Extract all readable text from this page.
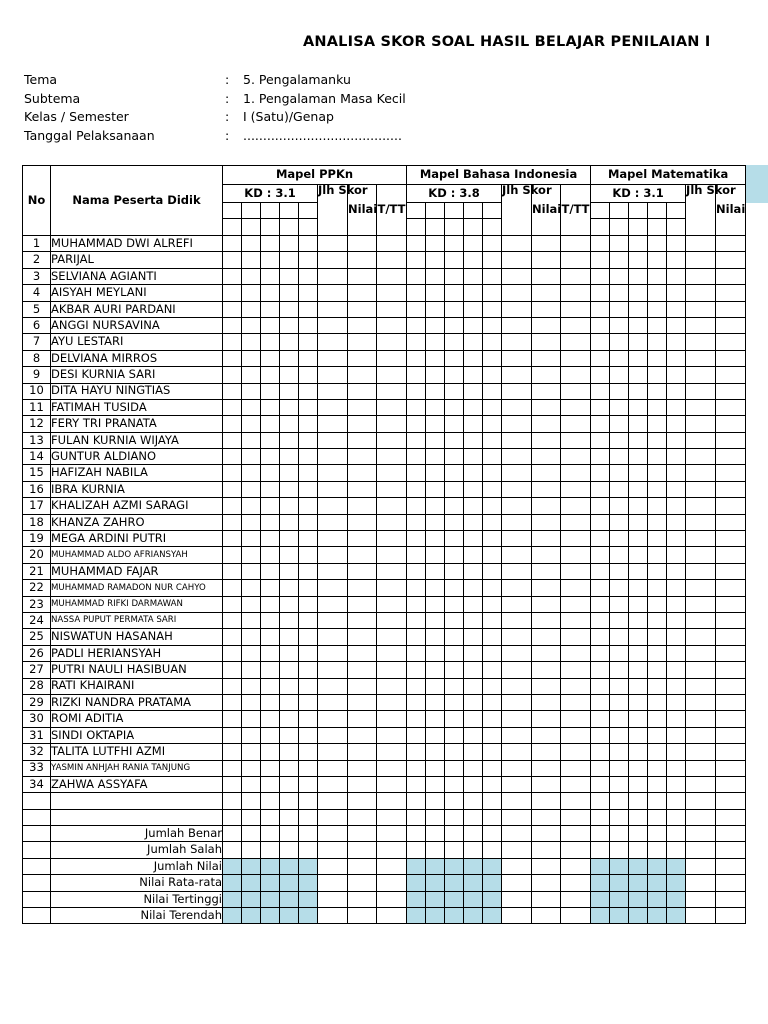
ANALISA SKOR SOAL HASIL BELAJAR PENILAIAN I
Tema	: 5. Pengalamanku
Subtema	: 1. Pengalaman Masa Kecil
Kelas / Semester	: I (Satu)/Genap
Tanggal Pelaksanaan	: ........................................
No	Nama Peserta Didik	Mapel PPKn								Mapel Bahasa Indonesia								Mapel Matematika						
		KD : 3.1					Jlh Skor	Nilai	T/TT	KD : 3.8					Jlh Skor	Nilai	T/TT	KD : 3.1					Jlh Skor	Nilai

1	MUHAMMAD DWI ALREFI																							
2	PARIJAL																							
3	SELVIANA AGIANTI																							
4	AISYAH MEYLANI																							
5	AKBAR AURI PARDANI																							
6	ANGGI NURSAVINA																							
7	AYU LESTARI																							
8	DELVIANA MIRROS																							
9	DESI KURNIA SARI																							
10	DITA HAYU NINGTIAS																							
11	FATIMAH TUSIDA																							
12	FERY TRI PRANATA																							
13	FULAN KURNIA WIJAYA																							
14	GUNTUR ALDIANO																							
15	HAFIZAH NABILA																							
16	IBRA KURNIA																							
17	KHALIZAH AZMI SARAGI																							
18	KHANZA ZAHRO																							
19	MEGA ARDINI PUTRI																							
20	MUHAMMAD ALDO AFRIANSYAH																							
21	MUHAMMAD FAJAR																							
22	MUHAMMAD RAMADON NUR CAHYO																							
23	MUHAMMAD RIFKI DARMAWAN																							
24	NASSA PUPUT PERMATA SARI																							
25	NISWATUN HASANAH																							
26	PADLI HERIANSYAH																							
27	PUTRI NAULI HASIBUAN																							
28	RATI KHAIRANI																							
29	RIZKI NANDRA PRATAMA																							
30	ROMI ADITIA																							
31	SINDI OKTAPIA																							
32	TALITA LUTFHI AZMI																							
33	YASMIN ANHJAH RANIA TANJUNG																							
34	ZAHWA ASSYAFA																							

	Jumlah Benar																							
	Jumlah Salah																							
	Jumlah Nilai																							
	Nilai Rata-rata																							
	Nilai Tertinggi																							
	Nilai Terendah																							
